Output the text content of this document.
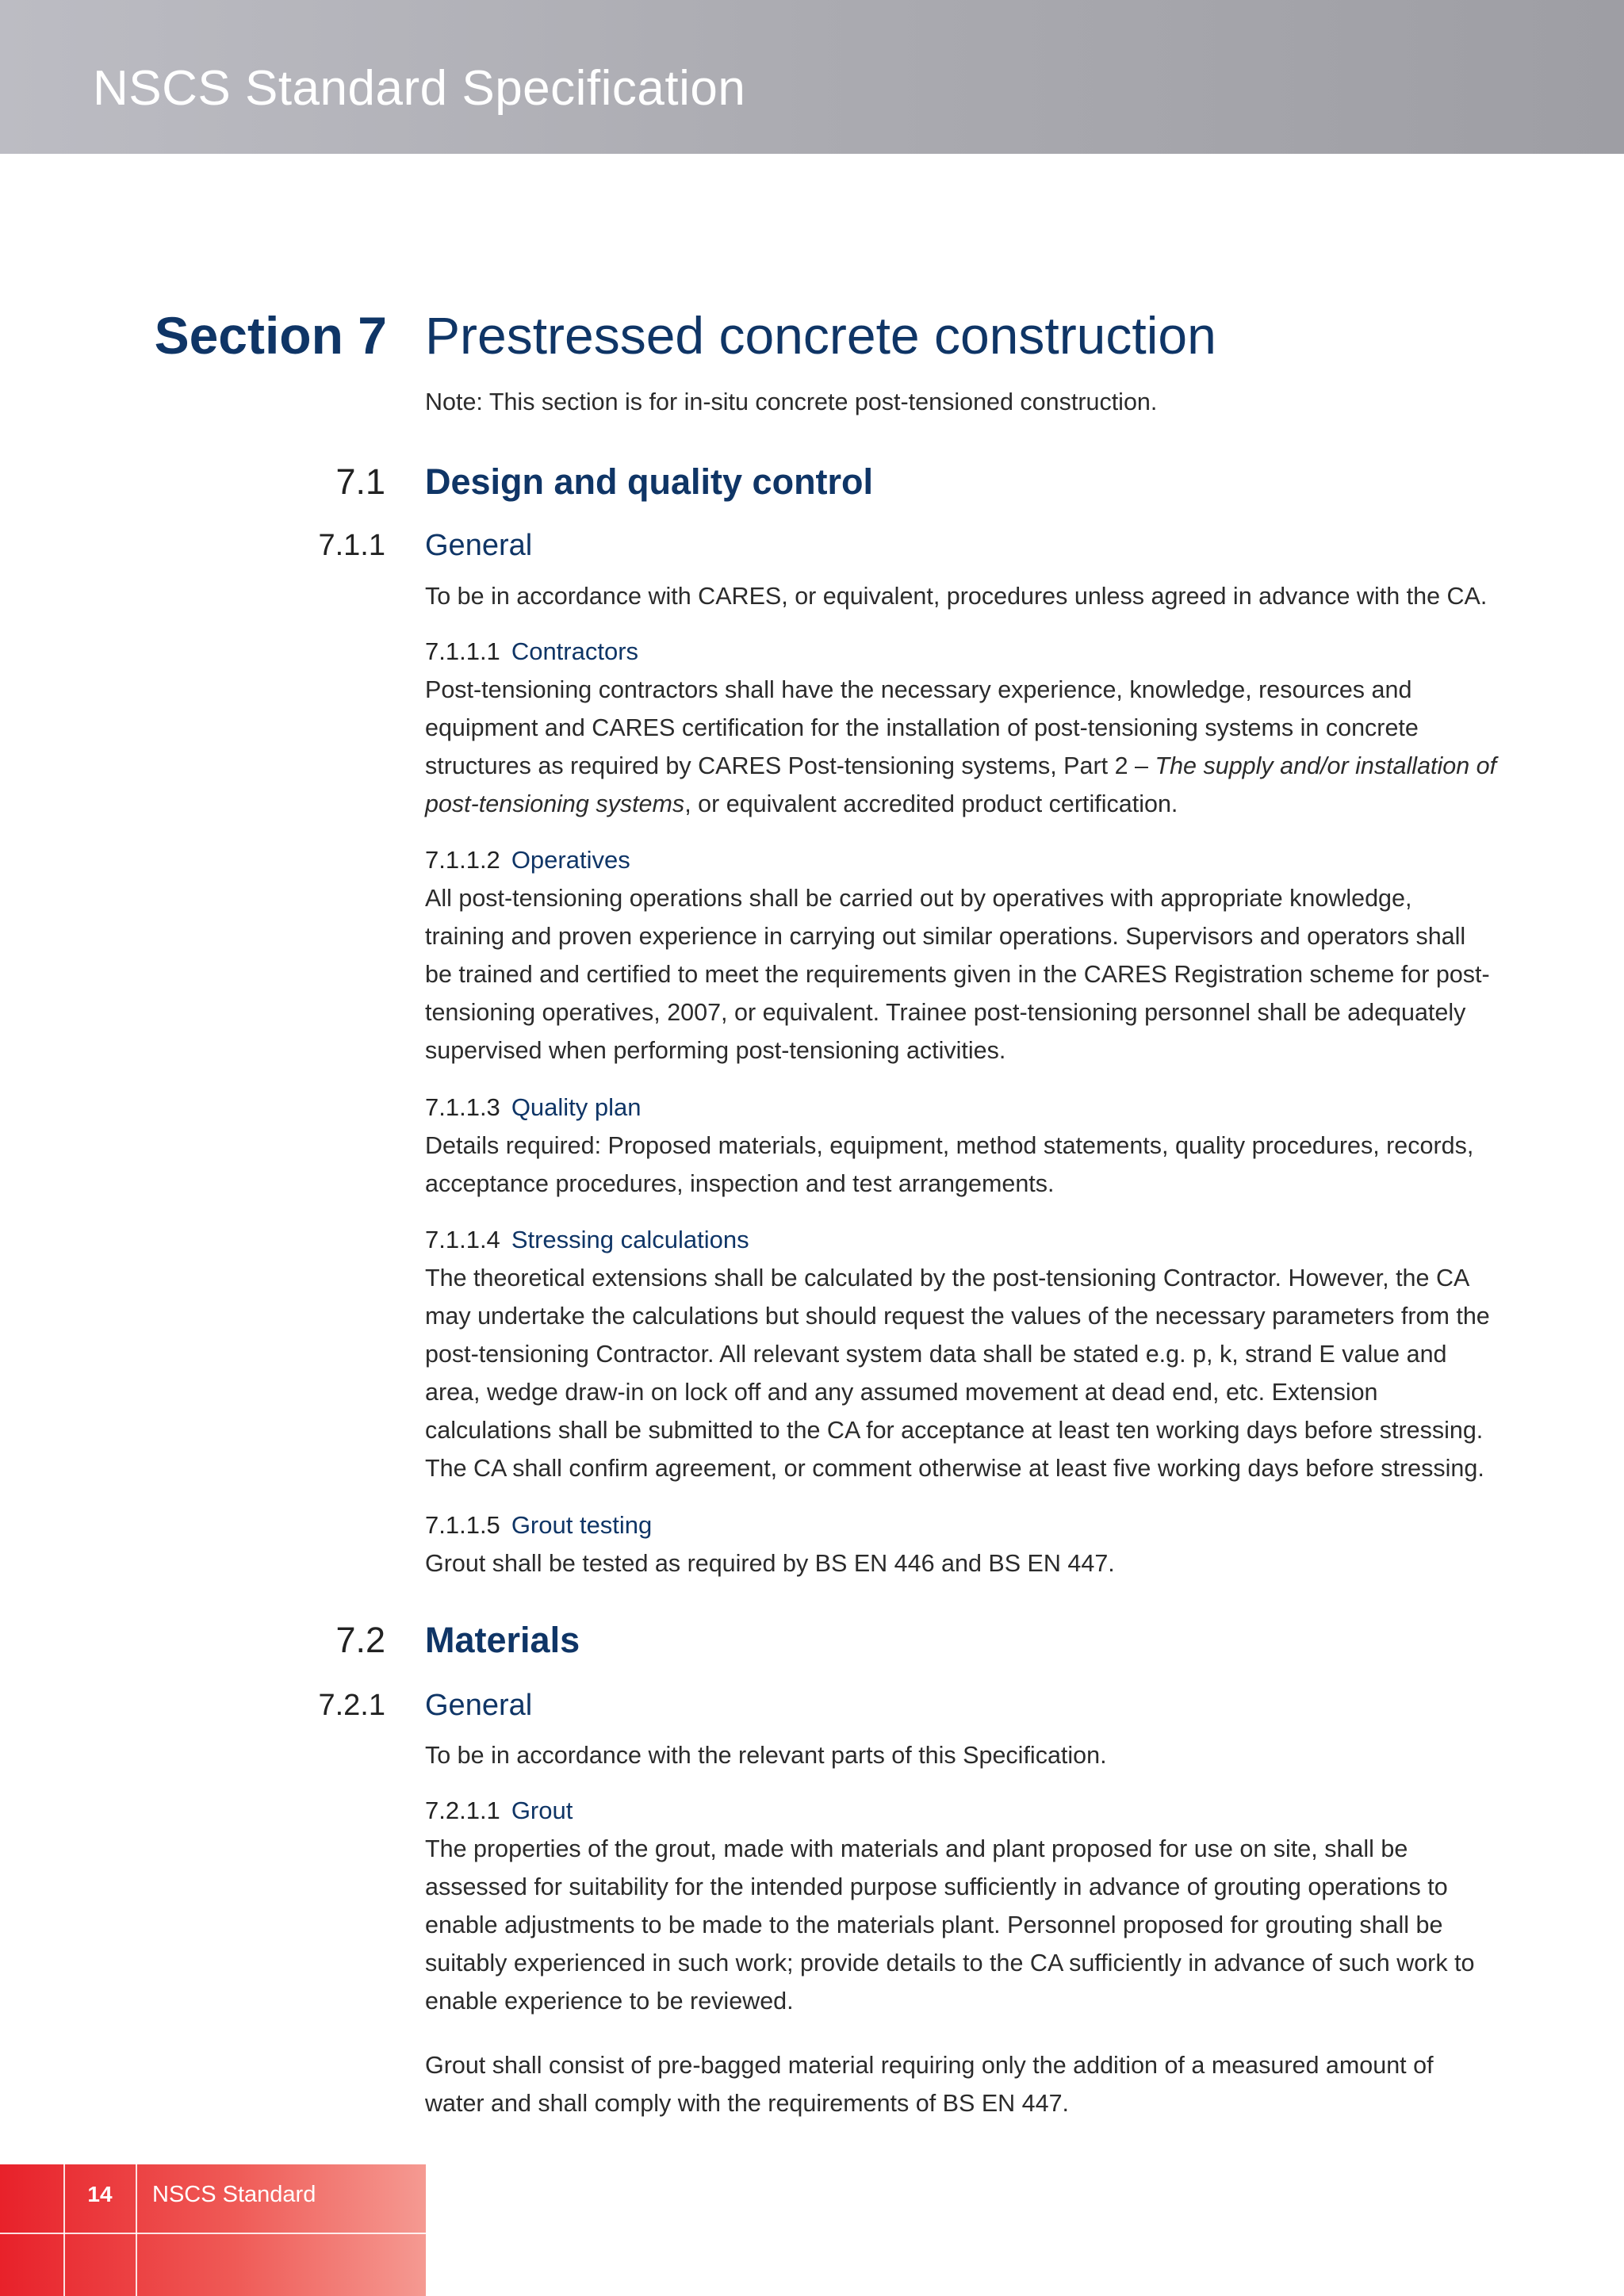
NSCS Standard Specification
Section 7 Prestressed concrete construction

Note: This section is for in-situ concrete post-tensioned construction.

7.1 Design and quality control
7.1.1 General

To be in accordance with CARES, or equivalent, procedures unless agreed in advance with the CA.

7.1.1.1 Contractors

Post-tensioning contractors shall have the necessary experience, knowledge, resources and equipment and CARES certification for the installation of post-tensioning systems in concrete structures as required by CARES Post-tensioning systems, Part 2 – The supply and/or installation of post-tensioning systems, or equivalent accredited product certification.

7.1.1.2 Operatives

All post-tensioning operations shall be carried out by operatives with appropriate knowledge, training and proven experience in carrying out similar operations. Supervisors and operators shall be trained and certified to meet the requirements given in the CARES Registration scheme for post-tensioning operatives, 2007, or equivalent. Trainee post-tensioning personnel shall be adequately supervised when performing post-tensioning activities.

7.1.1.3 Quality plan

Details required: Proposed materials, equipment, method statements, quality procedures, records, acceptance procedures, inspection and test arrangements.

7.1.1.4 Stressing calculations

The theoretical extensions shall be calculated by the post-tensioning Contractor. However, the CA may undertake the calculations but should request the values of the necessary parameters from the post-tensioning Contractor. All relevant system data shall be stated e.g. p, k, strand E value and area, wedge draw-in on lock off and any assumed movement at dead end, etc. Extension calculations shall be submitted to the CA for acceptance at least ten working days before stressing. The CA shall confirm agreement, or comment otherwise at least five working days before stressing.

7.1.1.5 Grout testing

Grout shall be tested as required by BS EN 446 and BS EN 447.

7.2 Materials
7.2.1 General

To be in accordance with the relevant parts of this Specification.

7.2.1.1 Grout

The properties of the grout, made with materials and plant proposed for use on site, shall be assessed for suitability for the intended purpose sufficiently in advance of grouting operations to enable adjustments to be made to the materials plant. Personnel proposed for grouting shall be suitably experienced in such work; provide details to the CA sufficiently in advance of such work to enable experience to be reviewed.

Grout shall consist of pre-bagged material requiring only the addition of a measured amount of water and shall comply with the requirements of BS EN 447.

14	NSCS Standard
